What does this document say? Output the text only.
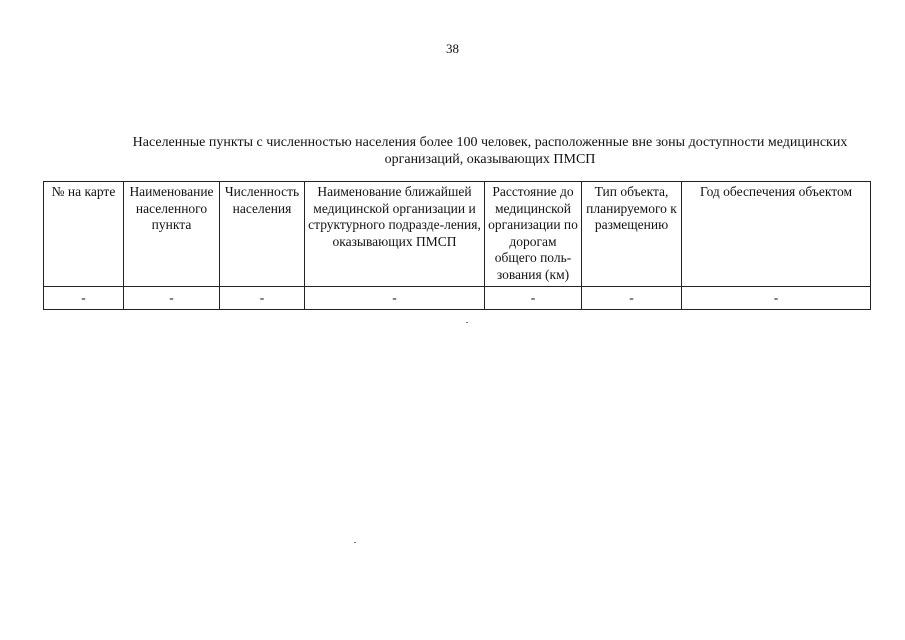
38
Населенные пункты с численностью населения более 100 человек, расположенные вне зоны доступности медицинских
организаций, оказывающих ПМСП
№ на карте	Наименование населенного пункта	Численность населения	Наименование ближайшей медицинской организации и структурного подразде-ления, оказывающих ПМСП	Расстояние до медицинской организации по дорогам общего поль-зования (км)	Тип объекта, планируемого к размещению	Год обеспечения объектом
-	-	-	-	-	-	-
